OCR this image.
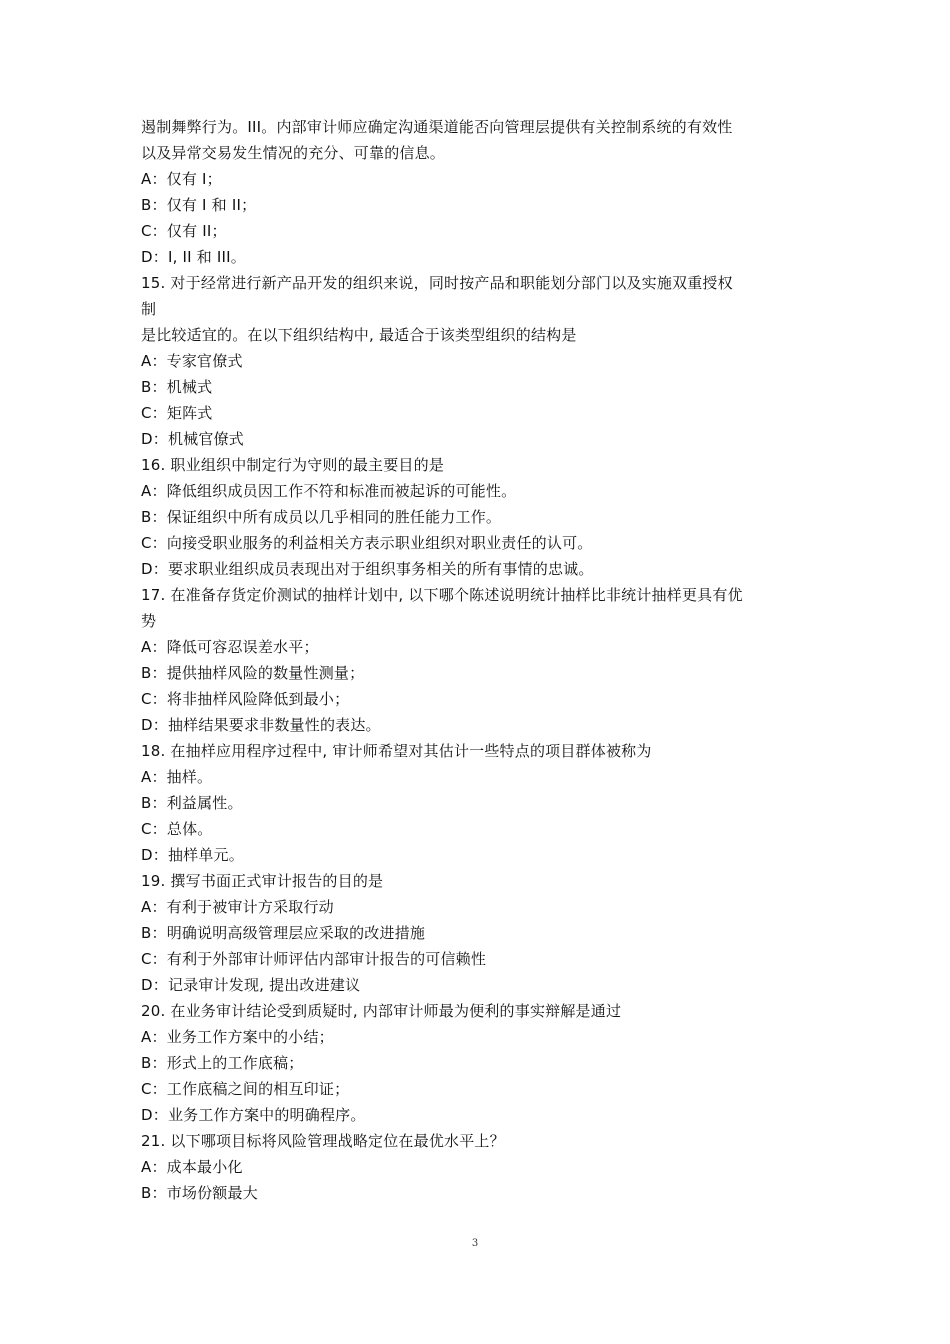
遏制舞弊行为。III。内部审计师应确定沟通渠道能否向管理层提供有关控制系统的有效性
以及异常交易发生情况的充分、可靠的信息。
A：仅有 I；
B：仅有 I 和 II；
C：仅有 II；
D：I, II 和 III。
15. 对于经常进行新产品开发的组织来说，同时按产品和职能划分部门以及实施双重授权
制
是比较适宜的。在以下组织结构中, 最适合于该类型组织的结构是
A：专家官僚式
B：机械式
C：矩阵式
D：机械官僚式
16. 职业组织中制定行为守则的最主要目的是
A：降低组织成员因工作不符和标准而被起诉的可能性。
B：保证组织中所有成员以几乎相同的胜任能力工作。
C：向接受职业服务的利益相关方表示职业组织对职业责任的认可。
D：要求职业组织成员表现出对于组织事务相关的所有事情的忠诚。
17. 在准备存货定价测试的抽样计划中, 以下哪个陈述说明统计抽样比非统计抽样更具有优
势
A：降低可容忍误差水平；
B：提供抽样风险的数量性测量；
C：将非抽样风险降低到最小；
D：抽样结果要求非数量性的表达。
18. 在抽样应用程序过程中, 审计师希望对其估计一些特点的项目群体被称为
A：抽样。
B：利益属性。
C：总体。
D：抽样单元。
19. 撰写书面正式审计报告的目的是
A：有利于被审计方采取行动
B：明确说明高级管理层应采取的改进措施
C：有利于外部审计师评估内部审计报告的可信赖性
D：记录审计发现, 提出改进建议
20. 在业务审计结论受到质疑时, 内部审计师最为便利的事实辩解是通过
A：业务工作方案中的小结；
B：形式上的工作底稿；
C：工作底稿之间的相互印证；
D：业务工作方案中的明确程序。
21. 以下哪项目标将风险管理战略定位在最优水平上？
A：成本最小化
B：市场份额最大
3
